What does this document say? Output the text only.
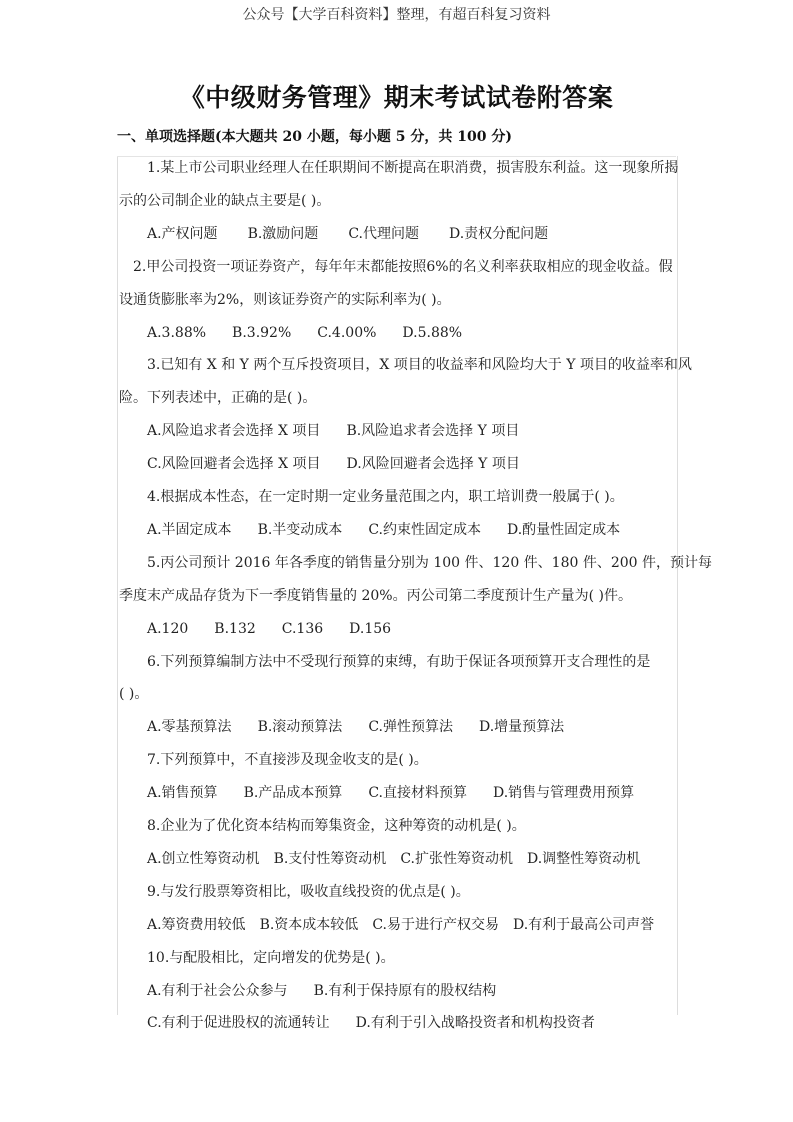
公众号【大学百科资料】整理，有超百科复习资料
《中级财务管理》期末考试试卷附答案
一、单项选择题(本大题共 20 小题，每小题 5 分，共 100 分)
1.某上市公司职业经理人在任职期间不断提高在职消费，损害股东利益。这一现象所揭
示的公司制企业的缺点主要是( )。
A.产权问题 B.激励问题 C.代理问题 D.责权分配问题
2.甲公司投资一项证券资产，每年年末都能按照6%的名义利率获取相应的现金收益。假
设通货膨胀率为2%，则该证券资产的实际利率为( )。
A.3.88% B.3.92% C.4.00% D.5.88%
3.已知有 X 和 Y 两个互斥投资项目，X 项目的收益率和风险均大于 Y 项目的收益率和风
险。下列表述中，正确的是( )。
A.风险追求者会选择 X 项目 B.风险追求者会选择 Y 项目
C.风险回避者会选择 X 项目 D.风险回避者会选择 Y 项目
4.根据成本性态，在一定时期一定业务量范围之内，职工培训费一般属于( )。
A.半固定成本 B.半变动成本 C.约束性固定成本 D.酌量性固定成本
5.丙公司预计 2016 年各季度的销售量分别为 100 件、120 件、180 件、200 件，预计每
季度末产成品存货为下一季度销售量的 20%。丙公司第二季度预计生产量为( )件。
A.120 B.132 C.136 D.156
6.下列预算编制方法中不受现行预算的束缚，有助于保证各项预算开支合理性的是
( )。
A.零基预算法 B.滚动预算法 C.弹性预算法 D.增量预算法
7.下列预算中，不直接涉及现金收支的是( )。
A.销售预算 B.产品成本预算 C.直接材料预算 D.销售与管理费用预算
8.企业为了优化资本结构而筹集资金，这种筹资的动机是( )。
A.创立性筹资动机 B.支付性筹资动机 C.扩张性筹资动机 D.调整性筹资动机
9.与发行股票筹资相比，吸收直线投资的优点是( )。
A.筹资费用较低 B.资本成本较低 C.易于进行产权交易 D.有利于最高公司声誉
10.与配股相比，定向增发的优势是( )。
A.有利于社会公众参与 B.有利于保持原有的股权结构
C.有利于促进股权的流通转让 D.有利于引入战略投资者和机构投资者
